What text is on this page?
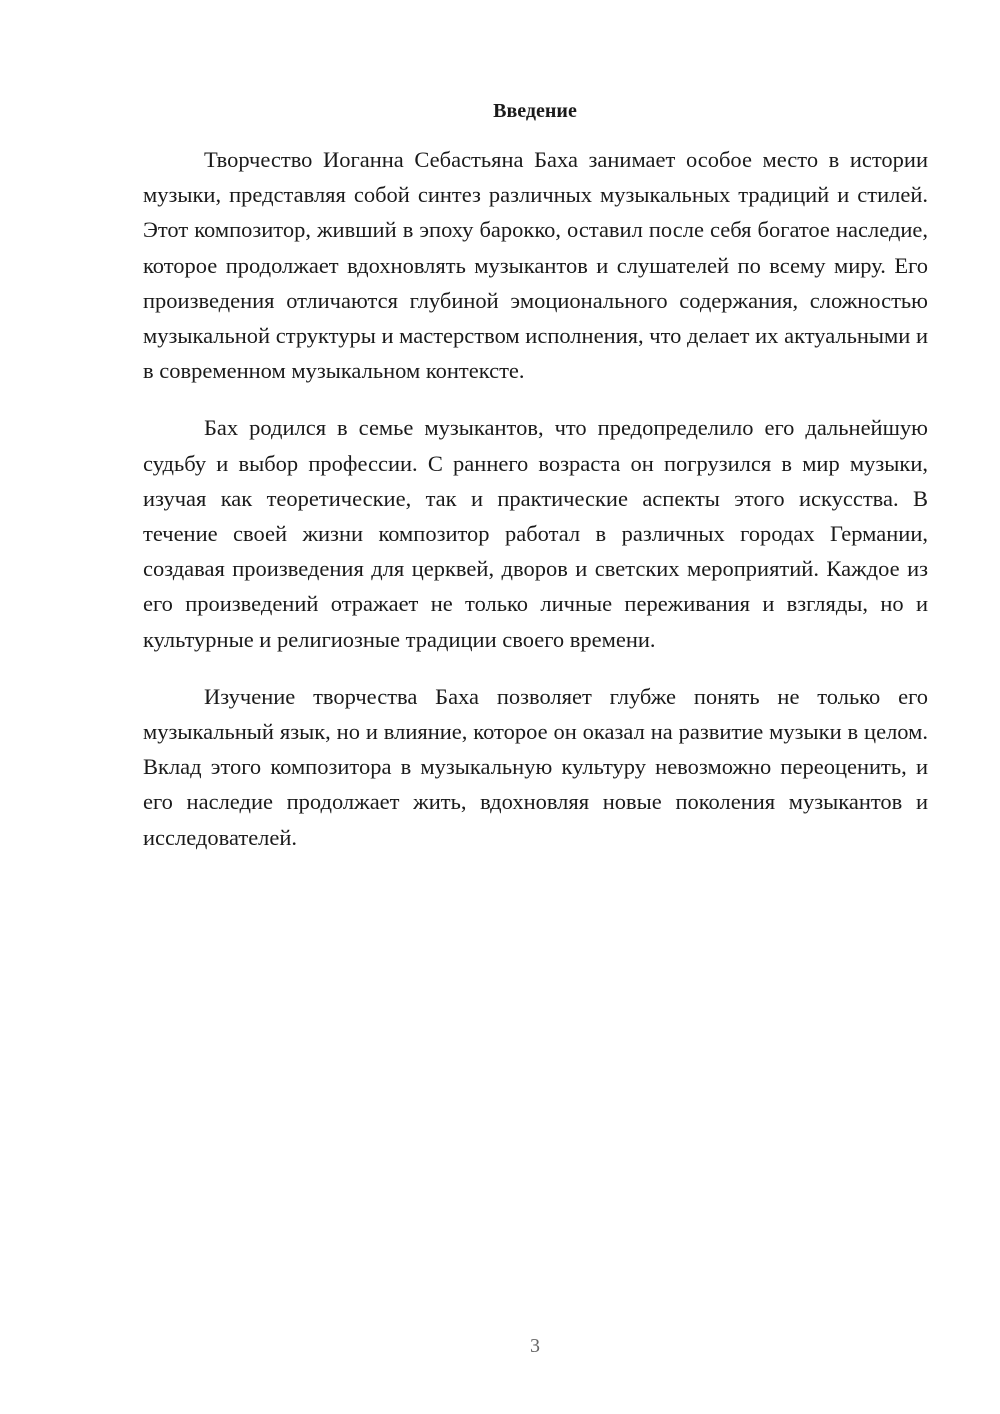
Введение

Творчество Иоганна Себастьяна Баха занимает особое место в истории музыки, представляя собой синтез различных музыкальных традиций и стилей. Этот композитор, живший в эпоху барокко, оставил после себя богатое наследие, которое продолжает вдохновлять музыкантов и слушателей по всему миру. Его произведения отличаются глубиной эмоционального содержания, сложностью музыкальной структуры и мастерством исполнения, что делает их актуальными и в современном музыкальном контексте.

Бах родился в семье музыкантов, что предопределило его дальнейшую судьбу и выбор профессии. С раннего возраста он погрузился в мир музыки, изучая как теоретические, так и практические аспекты этого искусства. В течение своей жизни композитор работал в различных городах Германии, создавая произведения для церквей, дворов и светских мероприятий. Каждое из его произведений отражает не только личные переживания и взгляды, но и культурные и религиозные традиции своего времени.

Изучение творчества Баха позволяет глубже понять не только его музыкальный язык, но и влияние, которое он оказал на развитие музыки в целом. Вклад этого композитора в музыкальную культуру невозможно переоценить, и его наследие продолжает жить, вдохновляя новые поколения музыкантов и исследователей.

3
